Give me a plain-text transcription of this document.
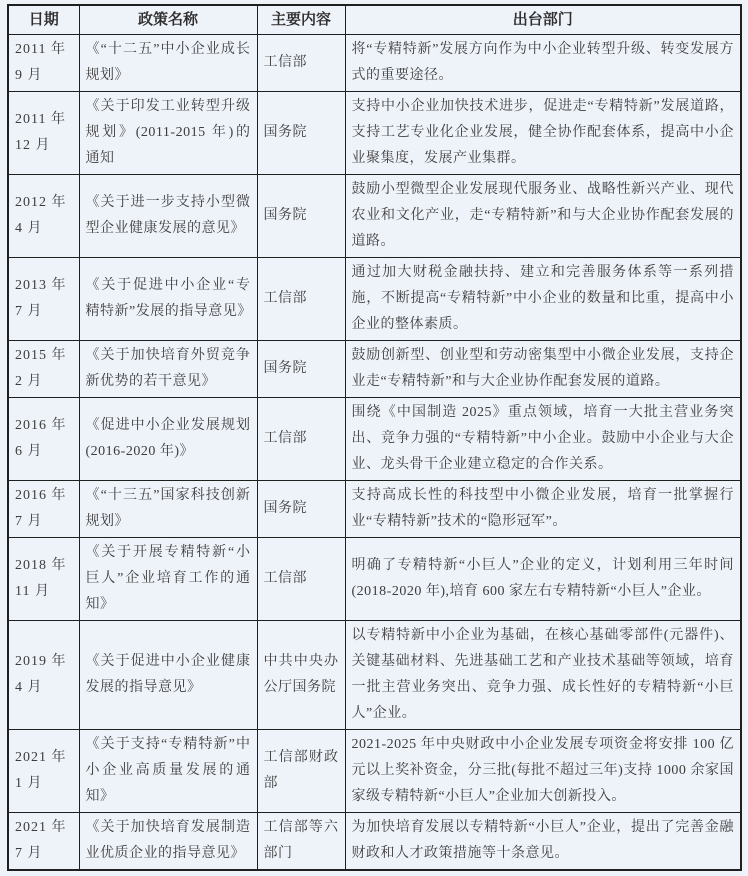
日期	政策名称	主要内容	出台部门
2011 年 9 月	《“十二五”中小企业成长规划》	工信部	将“专精特新”发展方向作为中小企业转型升级、转变发展方式的重要途径。
2011 年 12 月	《关于印发工业转型升级规划》(2011-2015 年)的通知	国务院	支持中小企业加快技术进步，促进走“专精特新”发展道路，支持工艺专业化企业发展，健全协作配套体系，提高中小企业聚集度，发展产业集群。
2012 年 4 月	《关于进一步支持小型微型企业健康发展的意见》	国务院	鼓励小型微型企业发展现代服务业、战略性新兴产业、现代农业和文化产业，走“专精特新”和与大企业协作配套发展的道路。
2013 年 7 月	《关于促进中小企业“专精特新”发展的指导意见》	工信部	通过加大财税金融扶持、建立和完善服务体系等一系列措施，不断提高“专精特新”中小企业的数量和比重，提高中小企业的整体素质。
2015 年 2 月	《关于加快培育外贸竞争新优势的若干意见》	国务院	鼓励创新型、创业型和劳动密集型中小微企业发展，支持企业走“专精特新”和与大企业协作配套发展的道路。
2016 年 6 月	《促进中小企业发展规划(2016-2020 年)》	工信部	围绕《中国制造 2025》重点领域，培育一大批主营业务突出、竞争力强的“专精特新”中小企业。鼓励中小企业与大企业、龙头骨干企业建立稳定的合作关系。
2016 年 7 月	《“十三五”国家科技创新规划》	国务院	支持高成长性的科技型中小微企业发展，培育一批掌握行业“专精特新”技术的“隐形冠军”。
2018 年 11 月	《关于开展专精特新“小巨人”企业培育工作的通知》	工信部	明确了专精特新“小巨人”企业的定义，计划利用三年时间(2018-2020 年),培育 600 家左右专精特新“小巨人”企业。
2019 年 4 月	《关于促进中小企业健康发展的指导意见》	中共中央办公厅国务院	以专精特新中小企业为基础，在核心基础零部件(元器件)、关键基础材料、先进基础工艺和产业技术基础等领域，培育一批主营业务突出、竞争力强、成长性好的专精特新“小巨人”企业。
2021 年 1 月	《关于支持“专精特新”中小企业高质量发展的通知》	工信部财政部	2021-2025 年中央财政中小企业发展专项资金将安排 100 亿元以上奖补资金，分三批(每批不超过三年)支持 1000 余家国家级专精特新“小巨人”企业加大创新投入。
2021 年 7 月	《关于加快培育发展制造业优质企业的指导意见》	工信部等六部门	为加快培育发展以专精特新“小巨人”企业，提出了完善金融财政和人才政策措施等十条意见。
